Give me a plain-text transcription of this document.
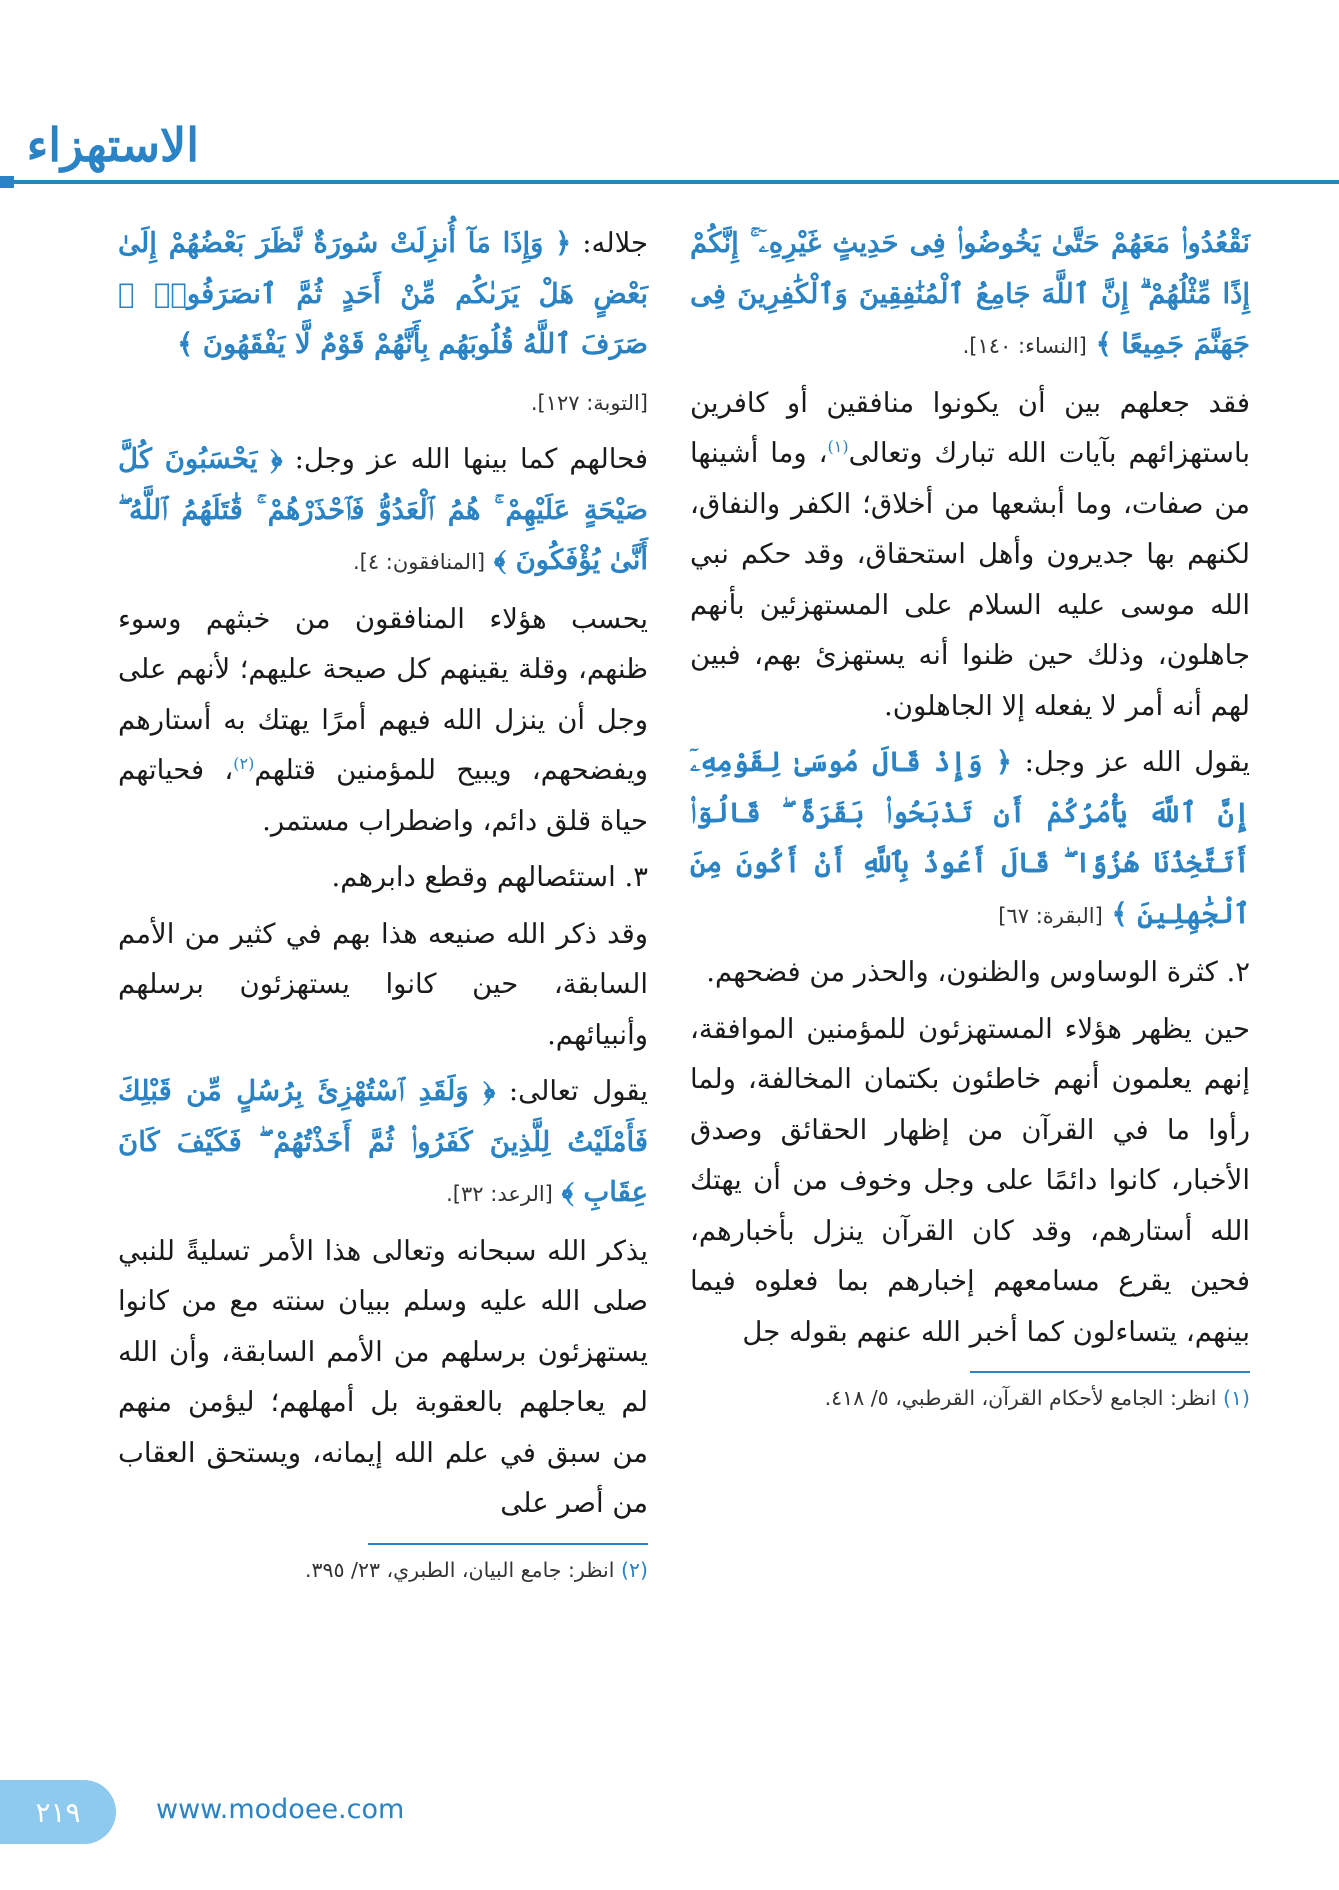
الاستهزاء

نَقْعُدُوا۟ مَعَهُمْ حَتَّىٰ يَخُوضُوا۟ فِى حَدِيثٍ غَيْرِهِۦٓ ۚ إِنَّكُمْ إِذًا مِّثْلُهُمْ ۗ إِنَّ ٱللَّهَ جَامِعُ ٱلْمُنَٰفِقِينَ وَٱلْكَٰفِرِينَ فِى جَهَنَّمَ جَمِيعًا ﴾ [النساء: ١٤٠].

فقد جعلهم بين أن يكونوا منافقين أو كافرين باستهزائهم بآيات الله تبارك وتعالى$^{(١)}$، وما أشينها من صفات، وما أبشعها من أخلاق؛ الكفر والنفاق، لكنهم بها جديرون وأهل استحقاق، وقد حكم نبي الله موسى عليه السلام على المستهزئين بأنهم جاهلون، وذلك حين ظنوا أنه يستهزئ بهم، فبين لهم أنه أمر لا يفعله إلا الجاهلون.

يقول الله عز وجل: ﴿ وَإِذْ قَالَ مُوسَىٰ لِقَوْمِهِۦٓ إِنَّ ٱللَّهَ يَأْمُرُكُمْ أَن تَذْبَحُوا۟ بَقَرَةً ۖ قَالُوٓا۟ أَتَتَّخِذُنَا هُزُوًا ۖ قَالَ أَعُوذُ بِٱللَّهِ أَنْ أَكُونَ مِنَ ٱلْجَٰهِلِينَ ﴾ [البقرة: ٦٧]

٢. كثرة الوساوس والظنون، والحذر من فضحهم.

حين يظهر هؤلاء المستهزئون للمؤمنين الموافقة، إنهم يعلمون أنهم خاطئون بكتمان المخالفة، ولما رأوا ما في القرآن من إظهار الحقائق وصدق الأخبار، كانوا دائمًا على وجل وخوف من أن يهتك الله أستارهم، وقد كان القرآن ينزل بأخبارهم، فحين يقرع مسامعهم إخبارهم بما فعلوه فيما بينهم، يتساءلون كما أخبر الله عنهم بقوله جل

(١) انظر: الجامع لأحكام القرآن، القرطبي، ٥/ ٤١٨.

جلاله: ﴿ وَإِذَا مَآ أُنزِلَتْ سُورَةٌ نَّظَرَ بَعْضُهُمْ إِلَىٰ بَعْضٍ هَلْ يَرَىٰكُم مِّنْ أَحَدٍ ثُمَّ ٱنصَرَفُوا۟ ۚ صَرَفَ ٱللَّهُ قُلُوبَهُم بِأَنَّهُمْ قَوْمٌ لَّا يَفْقَهُونَ ﴾

[التوبة: ١٢٧].

فحالهم كما بينها الله عز وجل: ﴿ يَحْسَبُونَ كُلَّ صَيْحَةٍ عَلَيْهِمْ ۚ هُمُ ٱلْعَدُوُّ فَٱحْذَرْهُمْ ۚ قَٰتَلَهُمُ ٱللَّهُ ۖ أَنَّىٰ يُؤْفَكُونَ ﴾ [المنافقون: ٤].

يحسب هؤلاء المنافقون من خبثهم وسوء ظنهم، وقلة يقينهم كل صيحة عليهم؛ لأنهم على وجل أن ينزل الله فيهم أمرًا يهتك به أستارهم ويفضحهم، ويبيح للمؤمنين قتلهم$^{(٢)}$، فحياتهم حياة قلق دائم، واضطراب مستمر.

٣. استئصالهم وقطع دابرهم.

وقد ذكر الله صنيعه هذا بهم في كثير من الأمم السابقة، حين كانوا يستهزئون برسلهم وأنبيائهم.

يقول تعالى: ﴿ وَلَقَدِ ٱسْتُهْزِئَ بِرُسُلٍ مِّن قَبْلِكَ فَأَمْلَيْتُ لِلَّذِينَ كَفَرُوا۟ ثُمَّ أَخَذْتُهُمْ ۖ فَكَيْفَ كَانَ عِقَابِ ﴾ [الرعد: ٣٢].

يذكر الله سبحانه وتعالى هذا الأمر تسليةً للنبي صلى الله عليه وسلم ببيان سنته مع من كانوا يستهزئون برسلهم من الأمم السابقة، وأن الله لم يعاجلهم بالعقوبة بل أمهلهم؛ ليؤمن منهم من سبق في علم الله إيمانه، ويستحق العقاب من أصر على

(٢) انظر: جامع البيان، الطبري، ٢٣/ ٣٩٥.

٢١٩	www.modoee.com
